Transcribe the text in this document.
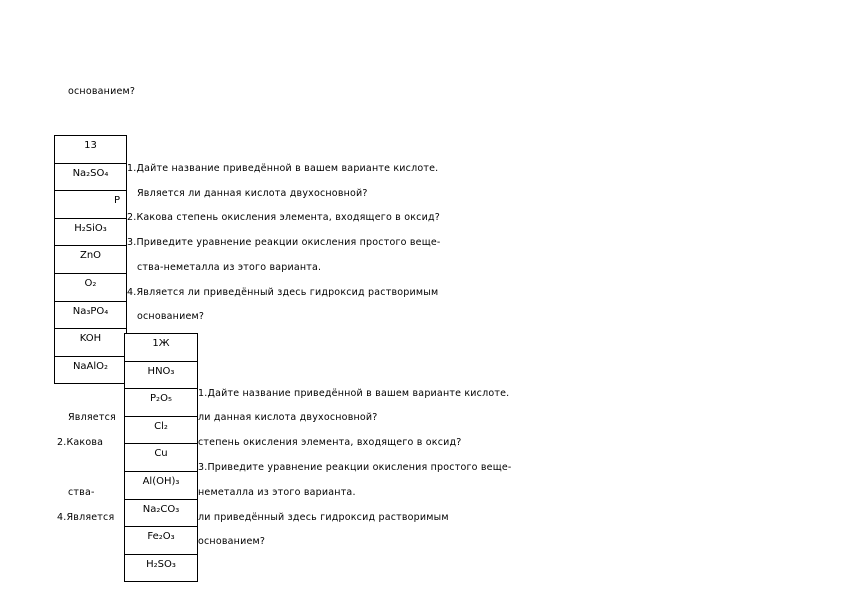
основанием?
1.Дайте название приведённой в вашем варианте кислоте.
Является ли данная кислота двухосновной?
2.Какова степень окисления элемента, входящего в оксид?
3.Приведите уравнение реакции окисления простого веще-
ства-неметалла из этого варианта.
4.Является ли приведённый здесь гидроксид растворимым
основанием?
1.Дайте название приведённой в вашем варианте кислоте.
Является	ли данная кислота двухосновной?
2.Какова	степень окисления элемента, входящего в оксид?
3.Приведите уравнение реакции окисления простого веще-
ства-	неметалла из этого варианта.
4.Является	ли приведённый здесь гидроксид растворимым
основанием?
13
Na₂SO₄
P
H₂SiO₃
ZnO
O₂
Na₃PO₄
KOH
NaAlO₂
1Ж
HNO₃
P₂O₅
Cl₂
Cu
Al(OH)₃
Na₂CO₃
Fe₂O₃
H₂SO₃
